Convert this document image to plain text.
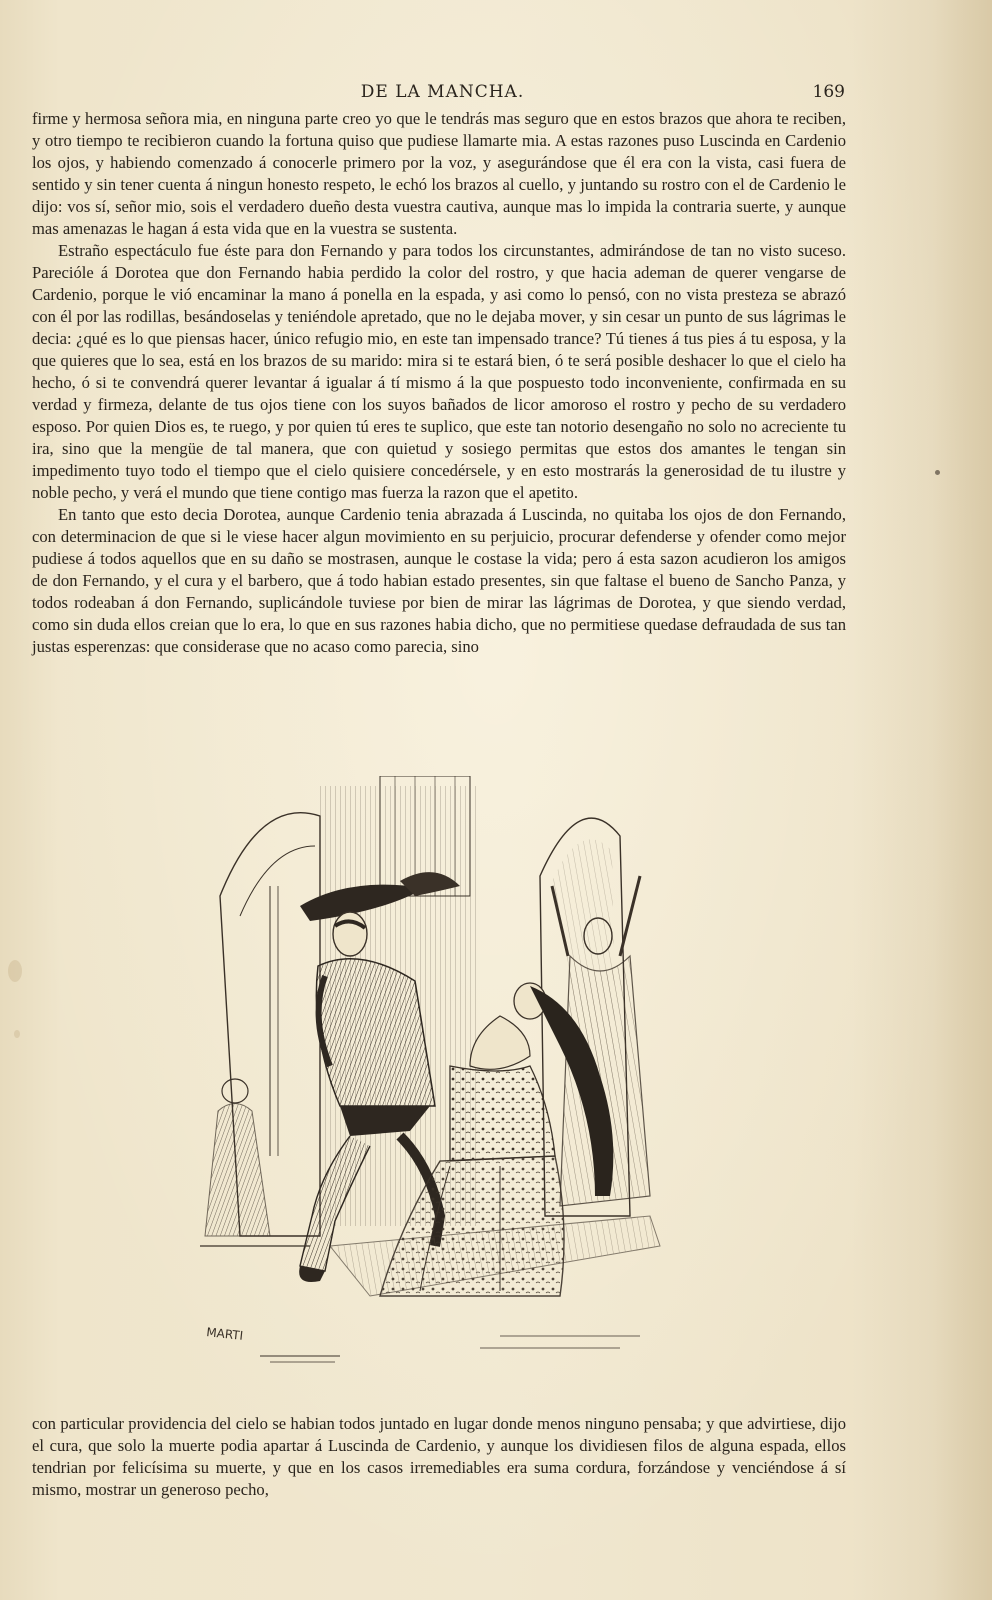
DE LA MANCHA.	169

firme y hermosa señora mia, en ninguna parte creo yo que le tendrás mas seguro que en estos brazos que ahora te reciben, y otro tiempo te recibieron cuando la fortuna quiso que pudiese llamarte mia. A estas razones puso Luscinda en Cardenio los ojos, y habiendo comenzado á conocerle primero por la voz, y asegurándose que él era con la vista, casi fuera de sentido y sin tener cuenta á ningun honesto respeto, le echó los brazos al cuello, y juntando su rostro con el de Cardenio le dijo: vos sí, señor mio, sois el verdadero dueño desta vuestra cautiva, aunque mas lo impida la contraria suerte, y aunque mas amenazas le hagan á esta vida que en la vuestra se sustenta.

Estraño espectáculo fue éste para don Fernando y para todos los circunstantes, admirándose de tan no visto suceso. Parecióle á Dorotea que don Fernando habia perdido la color del rostro, y que hacia ademan de querer vengarse de Cardenio, porque le vió encaminar la mano á ponella en la espada, y asi como lo pensó, con no vista presteza se abrazó con él por las rodillas, besándoselas y teniéndole apretado, que no le dejaba mover, y sin cesar un punto de sus lágrimas le decia: ¿qué es lo que piensas hacer, único refugio mio, en este tan impensado trance? Tú tienes á tus pies á tu esposa, y la que quieres que lo sea, está en los brazos de su marido: mira si te estará bien, ó te será posible deshacer lo que el cielo ha hecho, ó si te convendrá querer levantar á igualar á tí mismo á la que pospuesto todo inconveniente, confirmada en su verdad y firmeza, delante de tus ojos tiene con los suyos bañados de licor amoroso el rostro y pecho de su verdadero esposo. Por quien Dios es, te ruego, y por quien tú eres te suplico, que este tan notorio desengaño no solo no acreciente tu ira, sino que la mengüe de tal manera, que con quietud y sosiego permitas que estos dos amantes le tengan sin impedimento tuyo todo el tiempo que el cielo quisiere concedérsele, y en esto mostrarás la generosidad de tu ilustre y noble pecho, y verá el mundo que tiene contigo mas fuerza la razon que el apetito.

En tanto que esto decia Dorotea, aunque Cardenio tenia abrazada á Luscinda, no quitaba los ojos de don Fernando, con determinacion de que si le viese hacer algun movimiento en su perjuicio, procurar defenderse y ofender como mejor pudiese á todos aquellos que en su daño se mostrasen, aunque le costase la vida; pero á esta sazon acudieron los amigos de don Fernando, y el cura y el barbero, que á todo habian estado presentes, sin que faltase el bueno de Sancho Panza, y todos rodeaban á don Fernando, suplicándole tuviese por bien de mirar las lágrimas de Dorotea, y que siendo verdad, como sin duda ellos creian que lo era, lo que en sus razones habia dicho, que no permitiese quedase defraudada de sus tan justas esperenzas: que considerase que no acaso como parecia, sino

MARTI

con particular providencia del cielo se habian todos juntado en lugar donde menos ninguno pensaba; y que advirtiese, dijo el cura, que solo la muerte podia apartar á Luscinda de Cardenio, y aunque los dividiesen filos de alguna espada, ellos tendrian por felicísima su muerte, y que en los casos irremediables era suma cordura, forzándose y venciéndose á sí mismo, mostrar un generoso pecho,
